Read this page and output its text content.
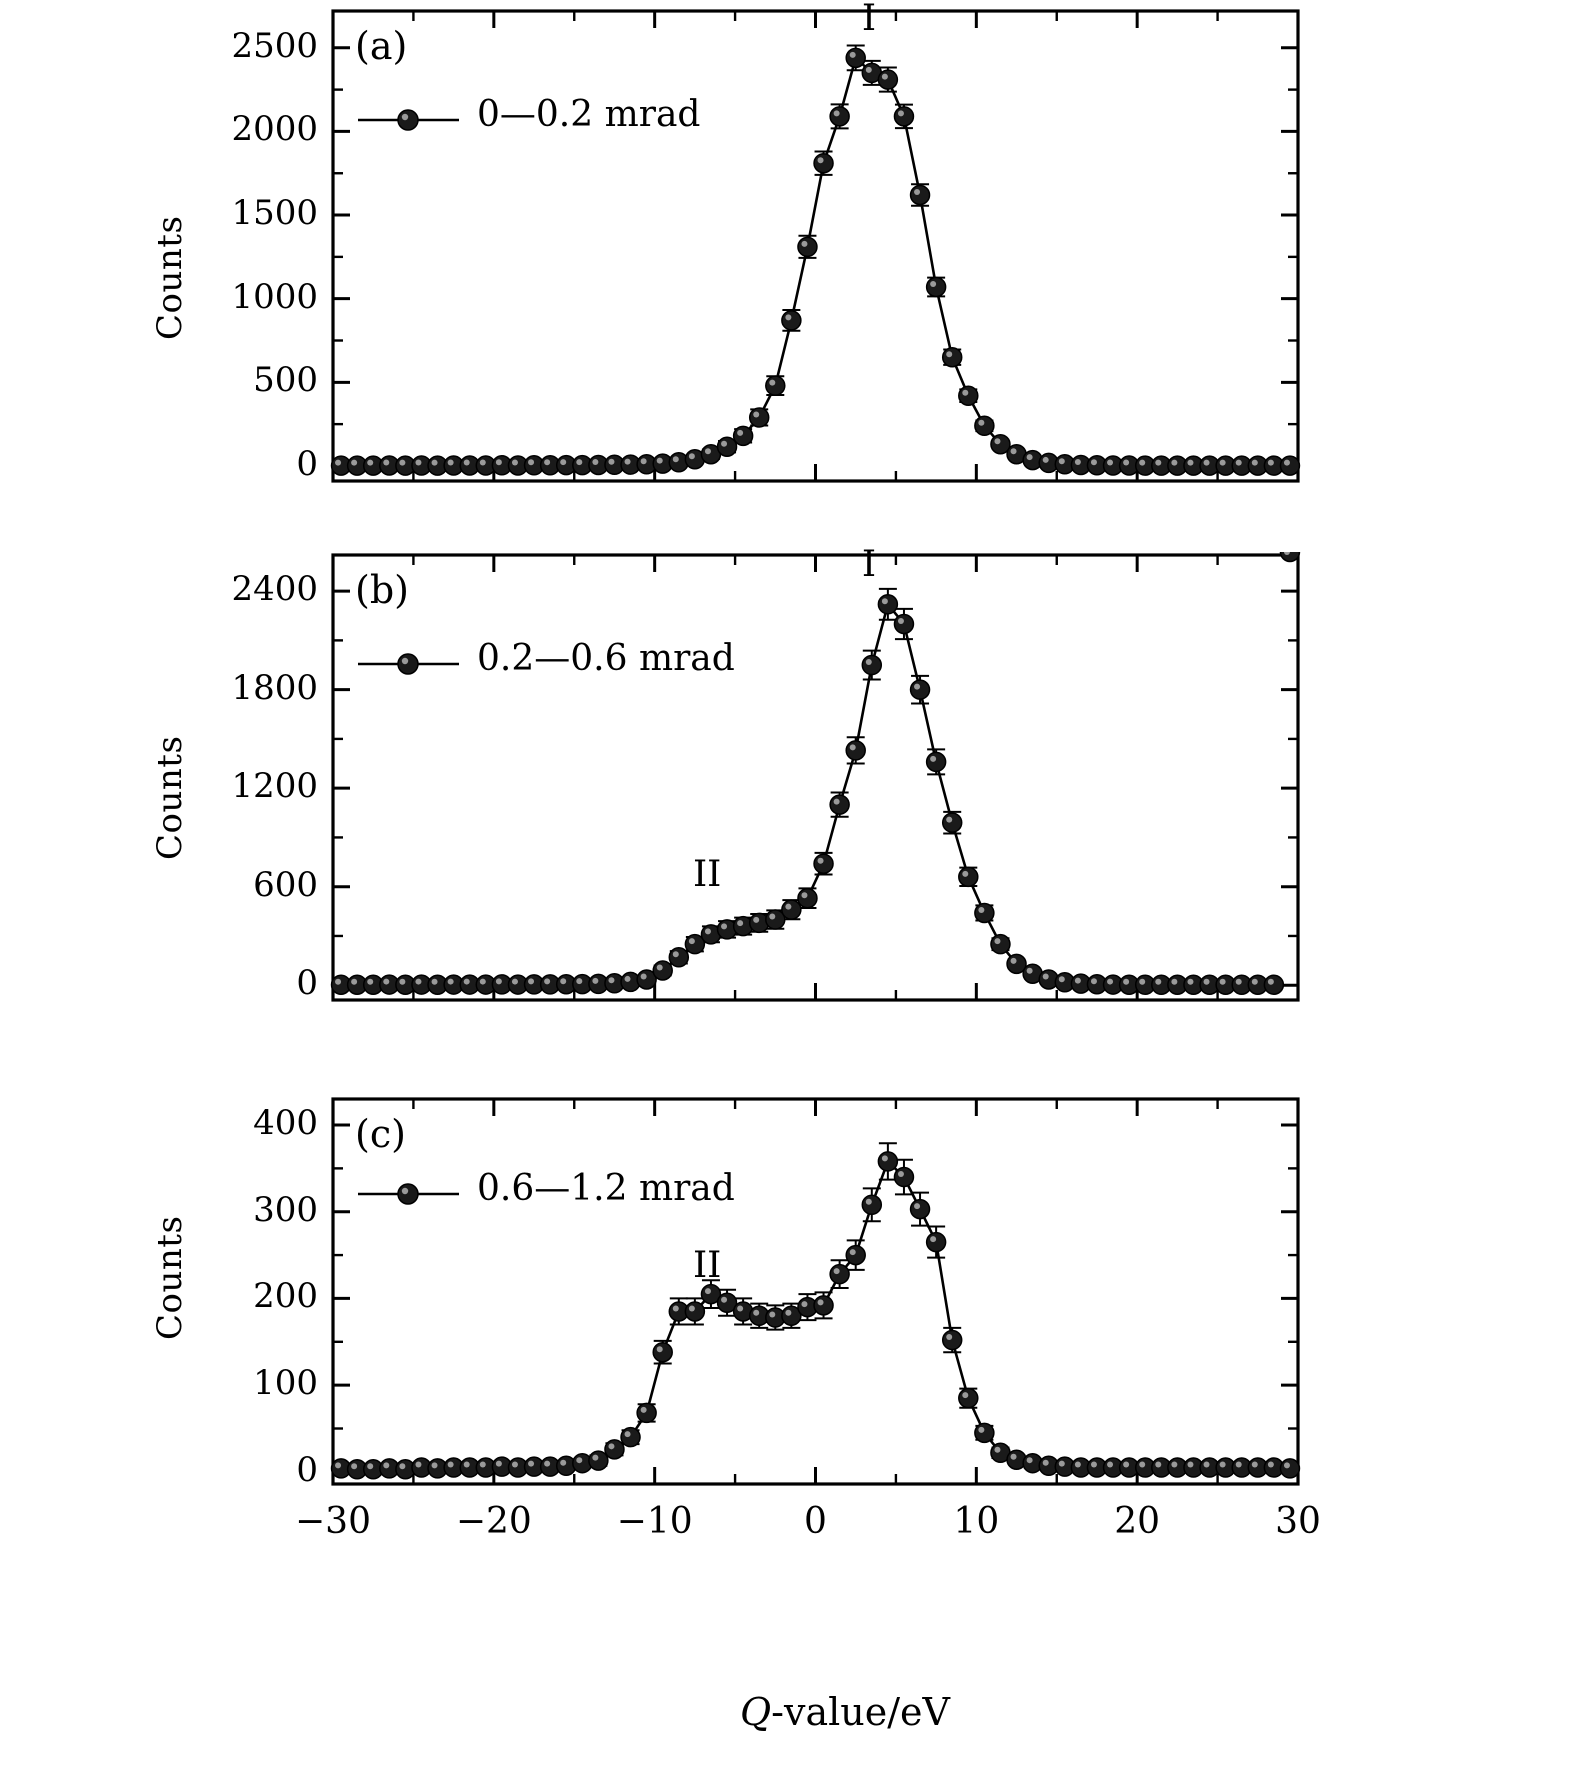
Counts
Counts
Counts
Q-value/eV
0
500
1000
1500
2000
2500
I
(a)
0—0.2 mrad
0
600
1200
1800
2400
I
II
(b)
0.2—0.6 mrad
0
100
200
300
400
−30	−20	−10	0	10	20	30
II
(c)
0.6—1.2 mrad
